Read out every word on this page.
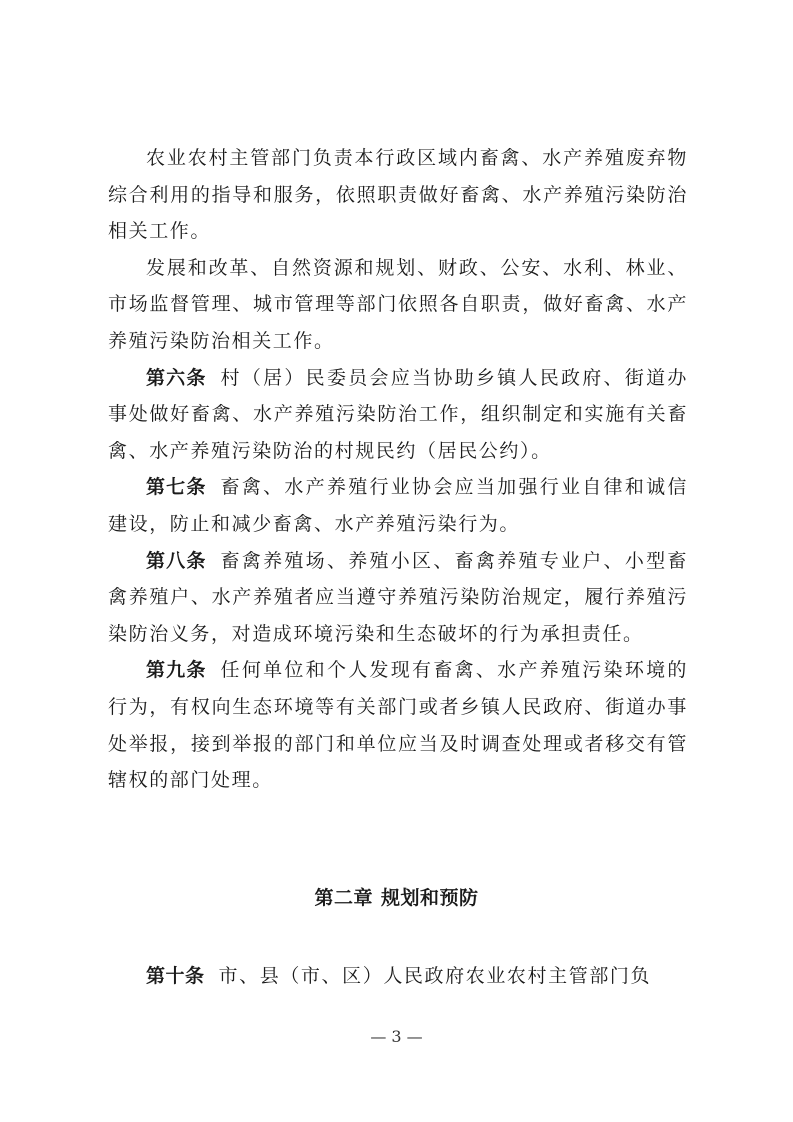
农业农村主管部门负责本行政区域内畜禽、水产养殖废弃物综合利用的指导和服务，依照职责做好畜禽、水产养殖污染防治相关工作。

发展和改革、自然资源和规划、财政、公安、水利、林业、市场监督管理、城市管理等部门依照各自职责，做好畜禽、水产养殖污染防治相关工作。

第六条 村（居）民委员会应当协助乡镇人民政府、街道办事处做好畜禽、水产养殖污染防治工作，组织制定和实施有关畜禽、水产养殖污染防治的村规民约（居民公约）。

第七条 畜禽、水产养殖行业协会应当加强行业自律和诚信建设，防止和减少畜禽、水产养殖污染行为。

第八条 畜禽养殖场、养殖小区、畜禽养殖专业户、小型畜禽养殖户、水产养殖者应当遵守养殖污染防治规定，履行养殖污染防治义务，对造成环境污染和生态破坏的行为承担责任。

第九条 任何单位和个人发现有畜禽、水产养殖污染环境的行为，有权向生态环境等有关部门或者乡镇人民政府、街道办事处举报，接到举报的部门和单位应当及时调查处理或者移交有管辖权的部门处理。

第二章 规划和预防

第十条 市、县（市、区）人民政府农业农村主管部门负

— 3 —
